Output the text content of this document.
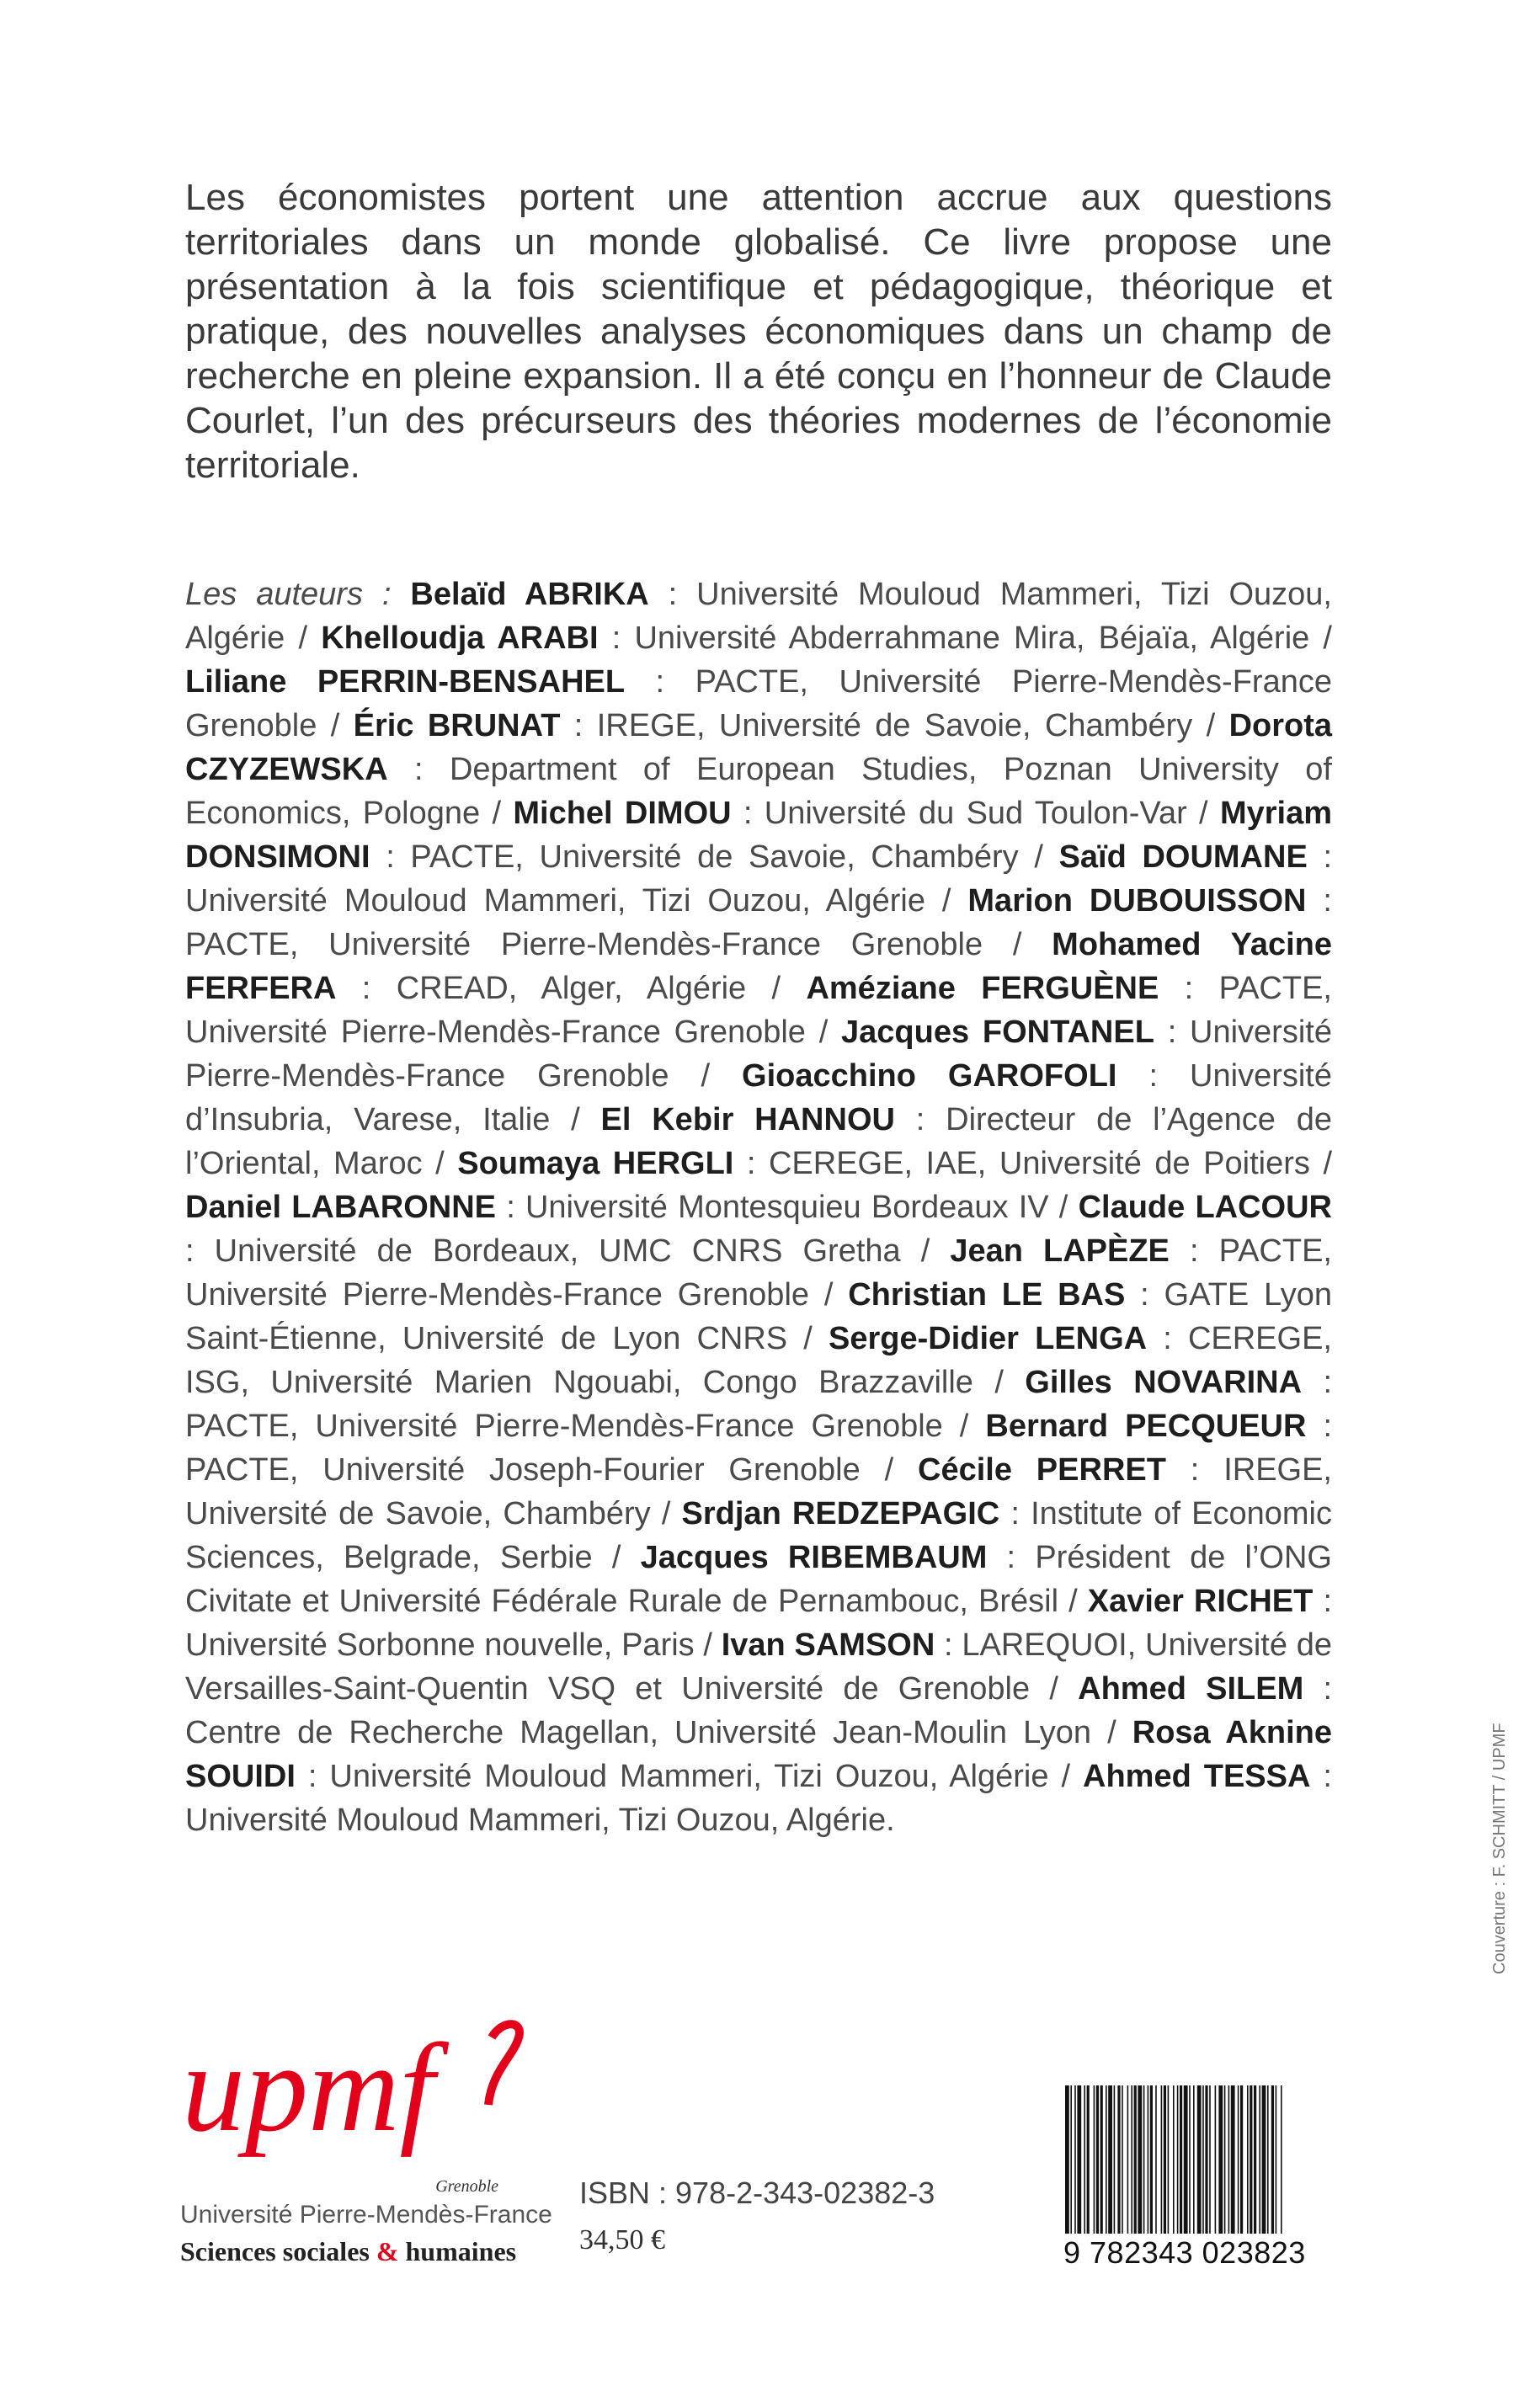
Les économistes portent une attention accrue aux questions territoriales dans un monde globalisé. Ce livre propose une présentation à la fois scientifique et pédagogique, théorique et pratique, des nouvelles analyses économiques dans un champ de recherche en pleine expansion. Il a été conçu en l’honneur de Claude Courlet, l’un des précurseurs des théories modernes de l’économie territoriale.

Les auteurs : Belaïd ABRIKA : Université Mouloud Mammeri, Tizi Ouzou, Algérie / Khelloudja ARABI : Université Abderrahmane Mira, Béjaïa, Algérie / Liliane PERRIN-BENSAHEL : PACTE, Université Pierre-Mendès-France Grenoble / Éric BRUNAT : IREGE, Université de Savoie, Chambéry / Dorota CZYZEWSKA : Department of European Studies, Poznan University of Economics, Pologne / Michel DIMOU : Université du Sud Toulon-Var / Myriam DONSIMONI : PACTE, Université de Savoie, Chambéry / Saïd DOUMANE : Université Mouloud Mammeri, Tizi Ouzou, Algérie / Marion DUBOUISSON : PACTE, Université Pierre-Mendès-France Grenoble / Mohamed Yacine FERFERA : CREAD, Alger, Algérie / Améziane FERGUÈNE : PACTE, Université Pierre-Mendès-France Grenoble / Jacques FONTANEL : Université Pierre-Mendès-France Grenoble / Gioacchino GAROFOLI : Université d’Insubria, Varese, Italie / El Kebir HANNOU : Directeur de l’Agence de l’Oriental, Maroc / Soumaya HERGLI : CEREGE, IAE, Université de Poitiers / Daniel LABARONNE : Université Montesquieu Bordeaux IV / Claude LACOUR : Université de Bordeaux, UMC CNRS Gretha / Jean LAPÈZE : PACTE, Université Pierre-Mendès-France Grenoble / Christian LE BAS : GATE Lyon Saint-Étienne, Université de Lyon CNRS / Serge-Didier LENGA : CEREGE, ISG, Université Marien Ngouabi, Congo Brazzaville / Gilles NOVARINA : PACTE, Université Pierre-Mendès-France Grenoble / Bernard PECQUEUR : PACTE, Université Joseph-Fourier Grenoble / Cécile PERRET : IREGE, Université de Savoie, Chambéry / Srdjan REDZEPAGIC : Institute of Economic Sciences, Belgrade, Serbie / Jacques RIBEMBAUM : Président de l’ONG Civitate et Université Fédérale Rurale de Pernambouc, Brésil / Xavier RICHET : Université Sorbonne nouvelle, Paris / Ivan SAMSON : LAREQUOI, Université de Versailles-Saint-Quentin VSQ et Université de Grenoble / Ahmed SILEM : Centre de Recherche Magellan, Université Jean-Moulin Lyon / Rosa Aknine SOUIDI : Université Mouloud Mammeri, Tizi Ouzou, Algérie / Ahmed TESSA : Université Mouloud Mammeri, Tizi Ouzou, Algérie.	Couverture : F. SCHMITT / UPMF
upmf
Grenoble
Université Pierre-Mendès-France
Sciences sociales & humaines
ISBN : 978-2-343-02382-3
34,50 €	9 782343 023823
